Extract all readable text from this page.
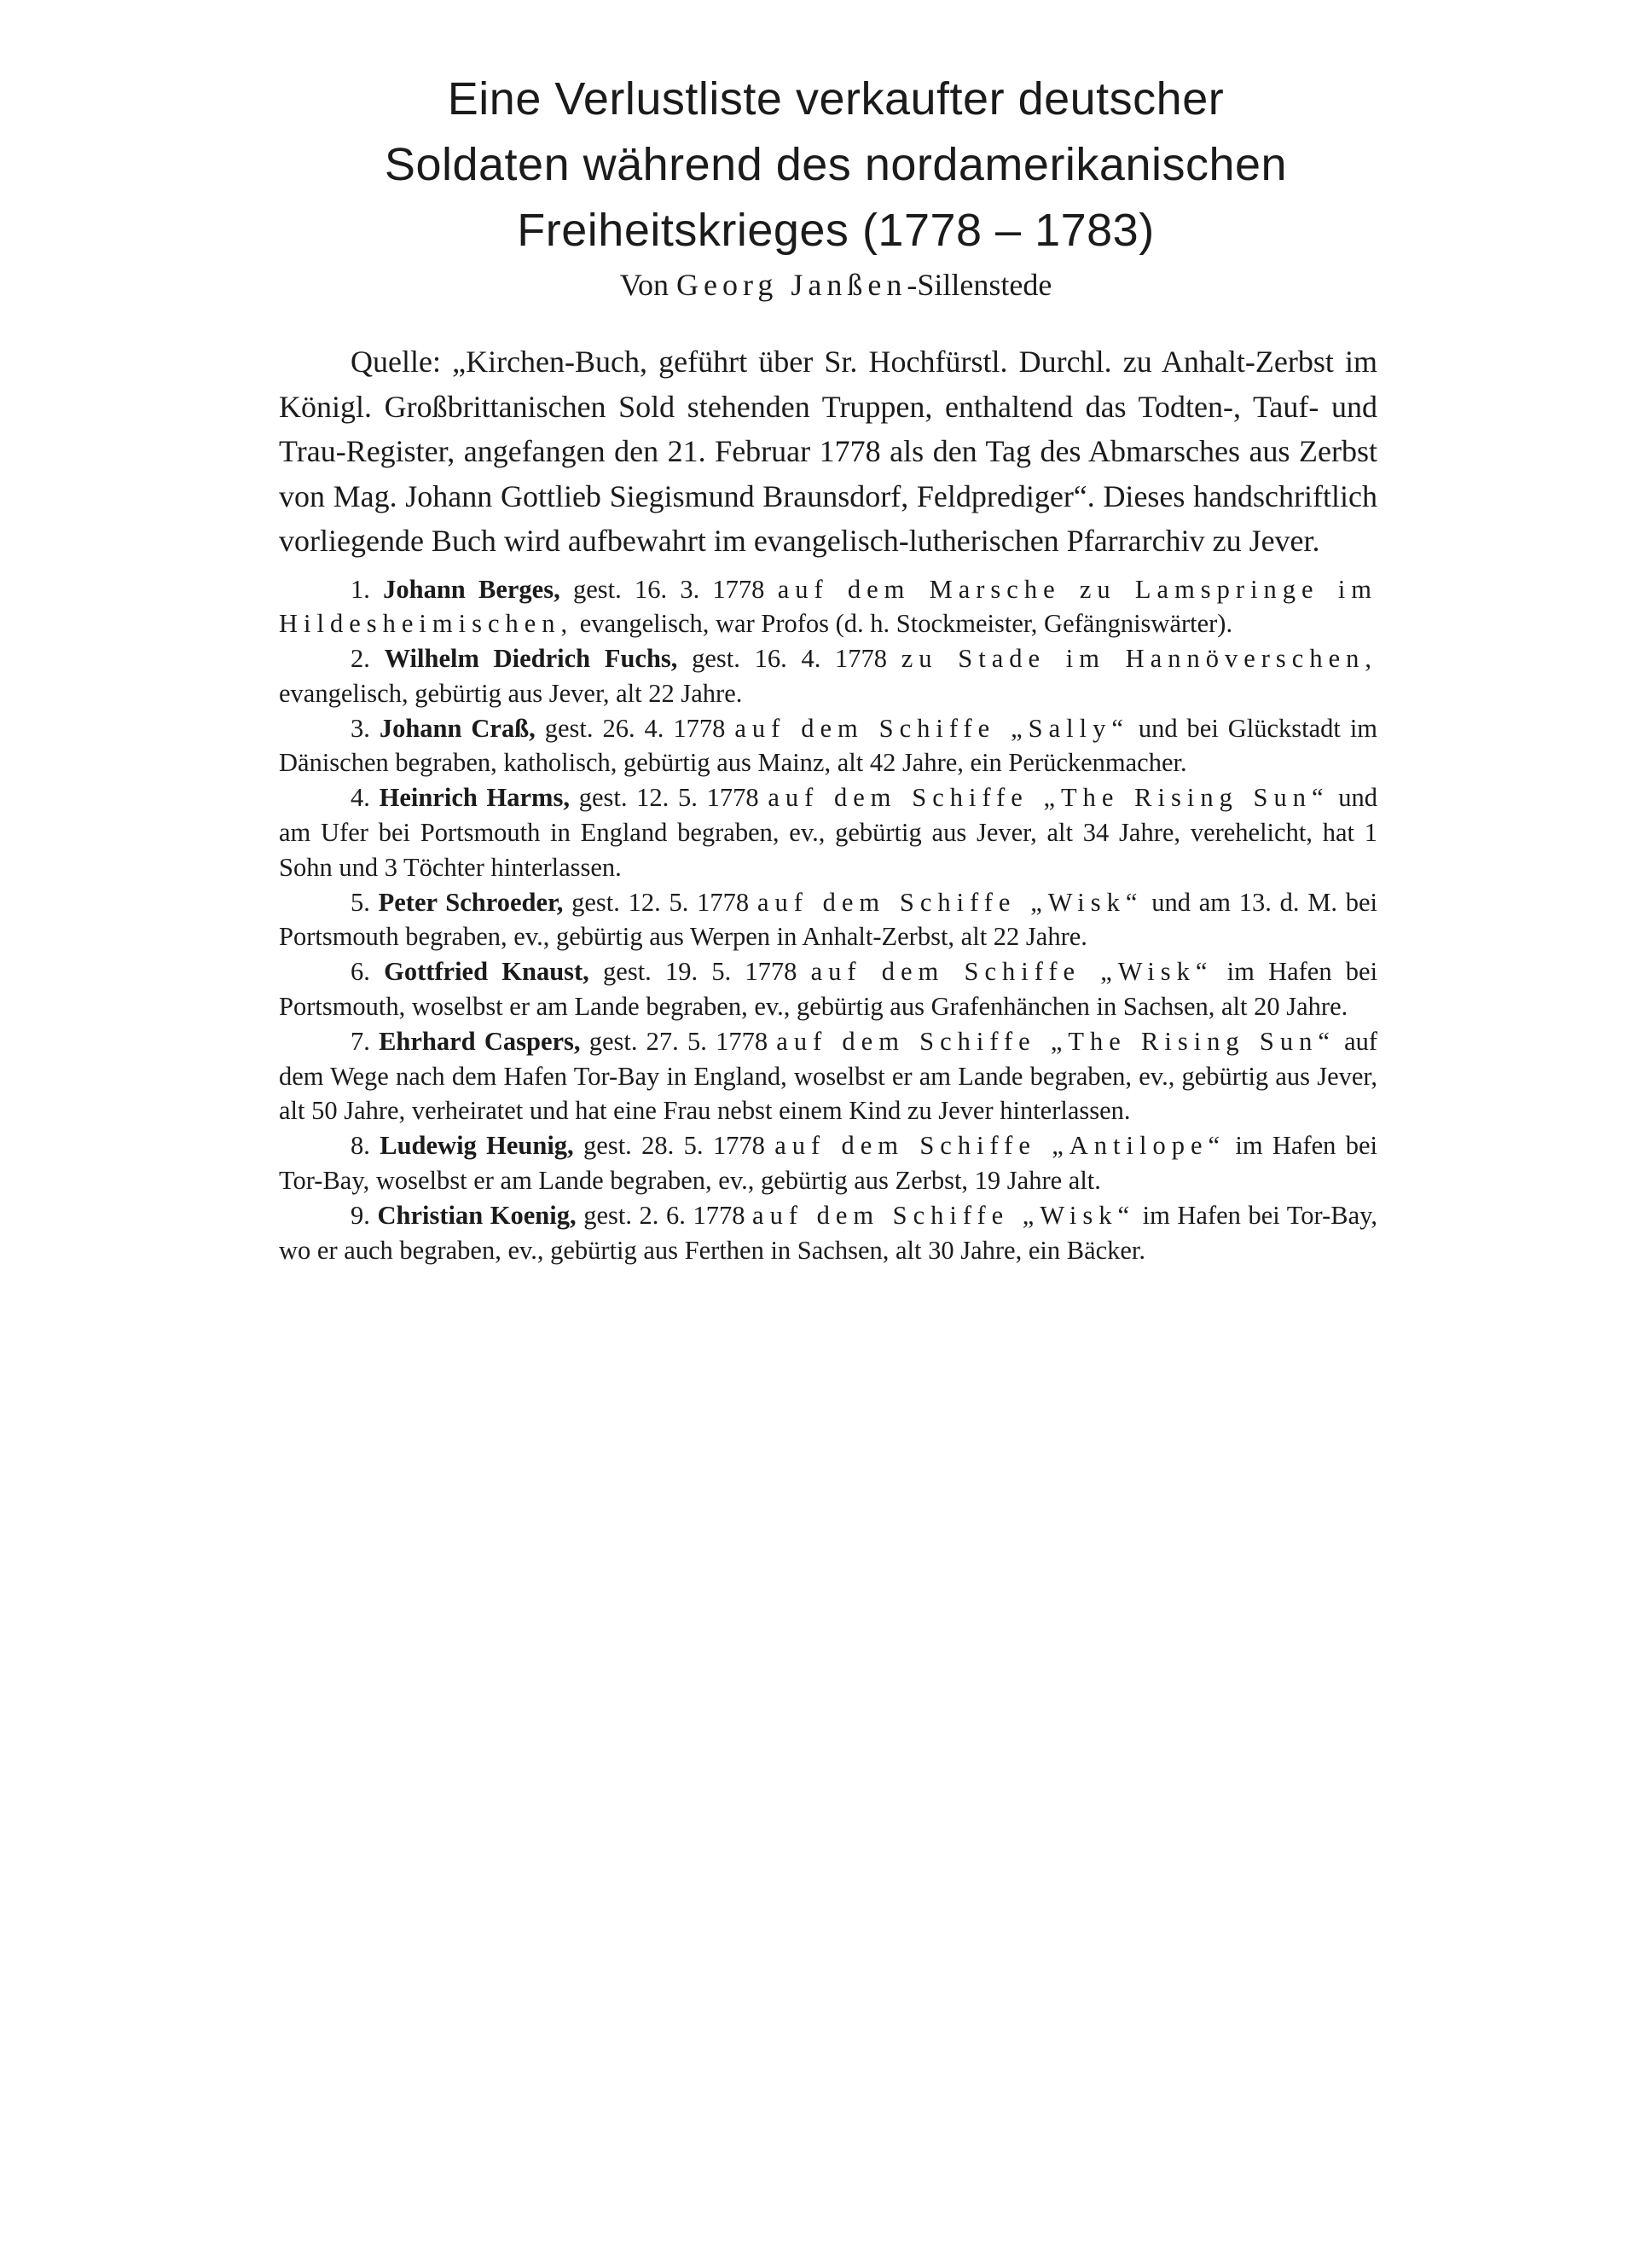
Eine Verlustliste verkaufter deutscher
Soldaten während des nordamerikanischen
Freiheitskrieges (1778 – 1783)
Von Georg Janßen-Sillenstede

Quelle: „Kirchen-Buch, geführt über Sr. Hochfürstl. Durchl. zu Anhalt-Zerbst im Königl. Großbrittanischen Sold stehenden Truppen, enthaltend das Todten-, Tauf- und Trau-Register, angefangen den 21. Februar 1778 als den Tag des Abmarsches aus Zerbst von Mag. Johann Gottlieb Siegismund Braunsdorf, Feldprediger“. Dieses handschriftlich vorliegende Buch wird aufbewahrt im evangelisch-lutherischen Pfarrarchiv zu Jever.

1. Johann Berges, gest. 16. 3. 1778 auf dem Marsche zu Lamspringe im Hildesheimischen, evangelisch, war Profos (d. h. Stockmeister, Gefängniswärter).

2. Wilhelm Diedrich Fuchs, gest. 16. 4. 1778 zu Stade im Hannöverschen, evangelisch, gebürtig aus Jever, alt 22 Jahre.

3. Johann Craß, gest. 26. 4. 1778 auf dem Schiffe „Sally“ und bei Glückstadt im Dänischen begraben, katholisch, gebürtig aus Mainz, alt 42 Jahre, ein Perückenmacher.

4. Heinrich Harms, gest. 12. 5. 1778 auf dem Schiffe „The Rising Sun“ und am Ufer bei Portsmouth in England begraben, ev., gebürtig aus Jever, alt 34 Jahre, verehelicht, hat 1 Sohn und 3 Töchter hinterlassen.

5. Peter Schroeder, gest. 12. 5. 1778 auf dem Schiffe „Wisk“ und am 13. d. M. bei Portsmouth begraben, ev., gebürtig aus Werpen in Anhalt-Zerbst, alt 22 Jahre.

6. Gottfried Knaust, gest. 19. 5. 1778 auf dem Schiffe „Wisk“ im Hafen bei Portsmouth, woselbst er am Lande begraben, ev., gebürtig aus Grafenhänchen in Sachsen, alt 20 Jahre.

7. Ehrhard Caspers, gest. 27. 5. 1778 auf dem Schiffe „The Rising Sun“ auf dem Wege nach dem Hafen Tor-Bay in England, woselbst er am Lande begraben, ev., gebürtig aus Jever, alt 50 Jahre, verheiratet und hat eine Frau nebst einem Kind zu Jever hinterlassen.

8. Ludewig Heunig, gest. 28. 5. 1778 auf dem Schiffe „Antilope“ im Hafen bei Tor-Bay, woselbst er am Lande begraben, ev., gebürtig aus Zerbst, 19 Jahre alt.

9. Christian Koenig, gest. 2. 6. 1778 auf dem Schiffe „Wisk“ im Hafen bei Tor-Bay, wo er auch begraben, ev., gebürtig aus Ferthen in Sachsen, alt 30 Jahre, ein Bäcker.
